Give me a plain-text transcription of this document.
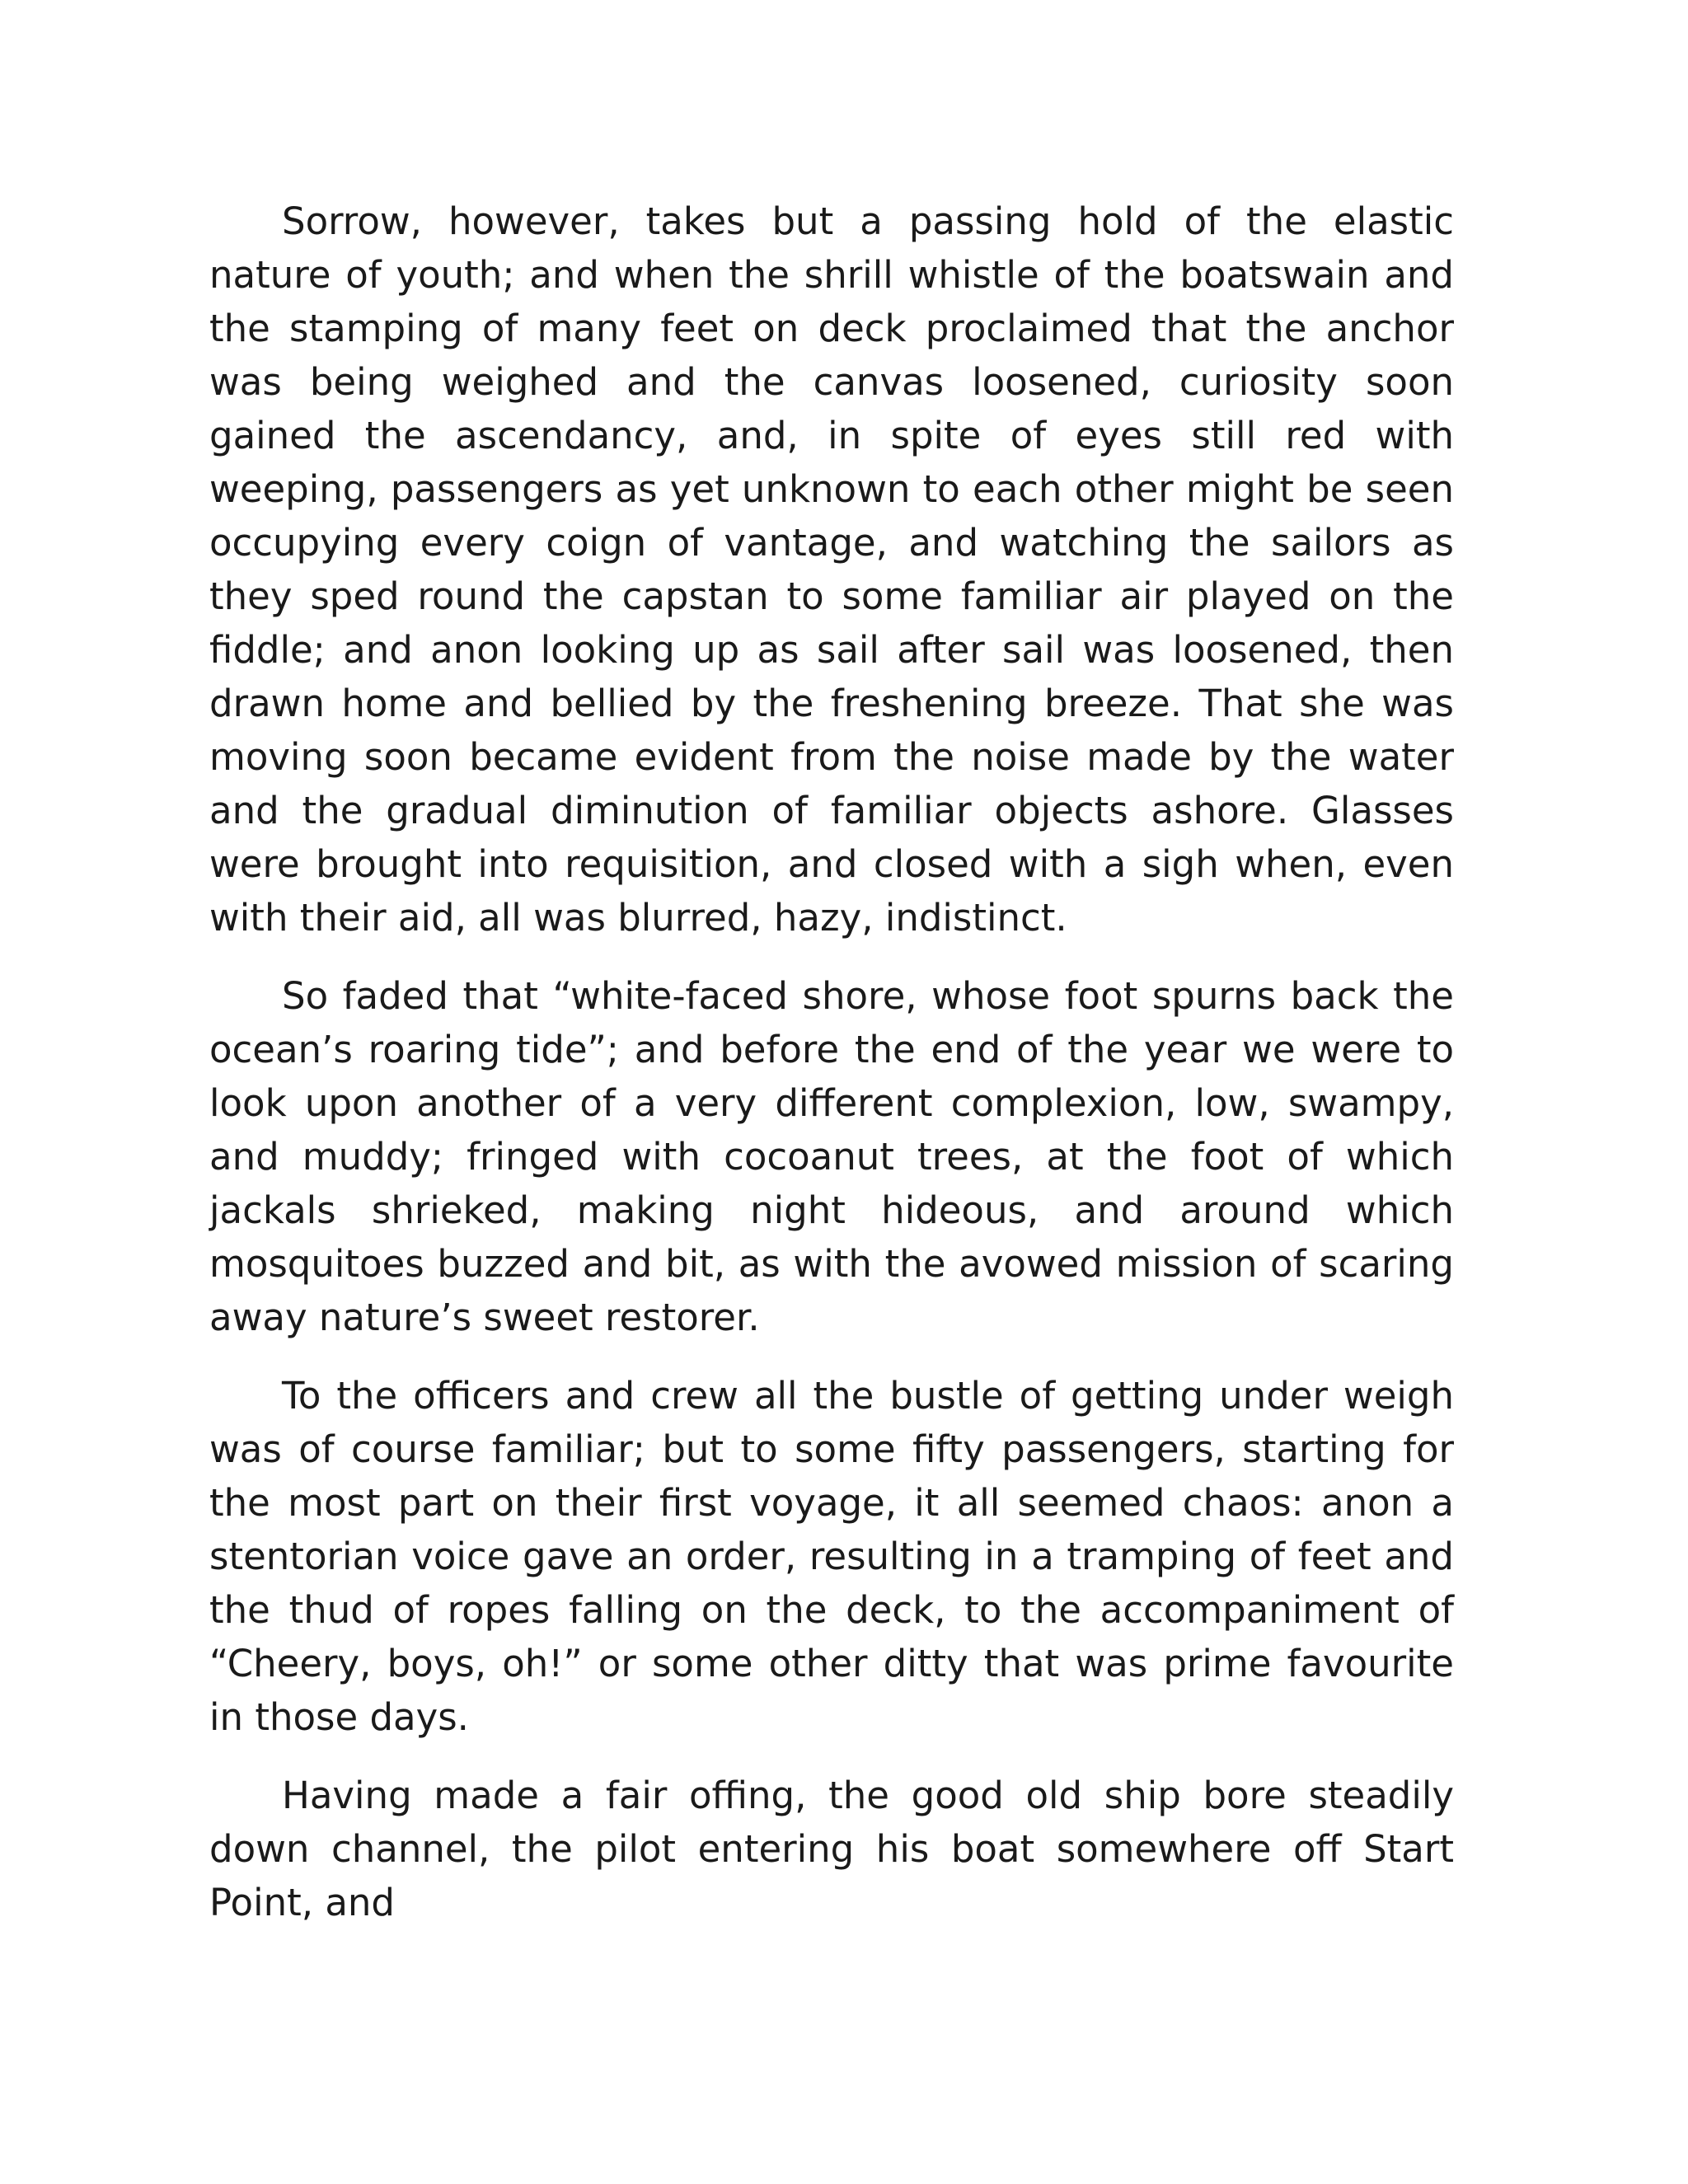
Sorrow, however, takes but a passing hold of the elastic nature of youth; and when the shrill whistle of the boatswain and the stamping of many feet on deck proclaimed that the anchor was being weighed and the canvas loosened, curiosity soon gained the ascendancy, and, in spite of eyes still red with weeping, passengers as yet unknown to each other might be seen occupying every coign of vantage, and watching the sailors as they sped round the capstan to some familiar air played on the fiddle; and anon looking up as sail after sail was loosened, then drawn home and bellied by the freshening breeze. That she was moving soon became evident from the noise made by the water and the gradual diminution of familiar objects ashore. Glasses were brought into requisition, and closed with a sigh when, even with their aid, all was blurred, hazy, indistinct.

So faded that “white-faced shore, whose foot spurns back the ocean’s roaring tide”; and before the end of the year we were to look upon another of a very different complexion, low, swampy, and muddy; fringed with cocoanut trees, at the foot of which jackals shrieked, making night hideous, and around which mosquitoes buzzed and bit, as with the avowed mission of scaring away nature’s sweet restorer.

To the officers and crew all the bustle of getting under weigh was of course familiar; but to some fifty passengers, starting for the most part on their first voyage, it all seemed chaos: anon a stentorian voice gave an order, resulting in a tramping of feet and the thud of ropes falling on the deck, to the accompaniment of “Cheery, boys, oh!” or some other ditty that was prime favourite in those days.

Having made a fair offing, the good old ship bore steadily down channel, the pilot entering his boat somewhere off Start Point, and
